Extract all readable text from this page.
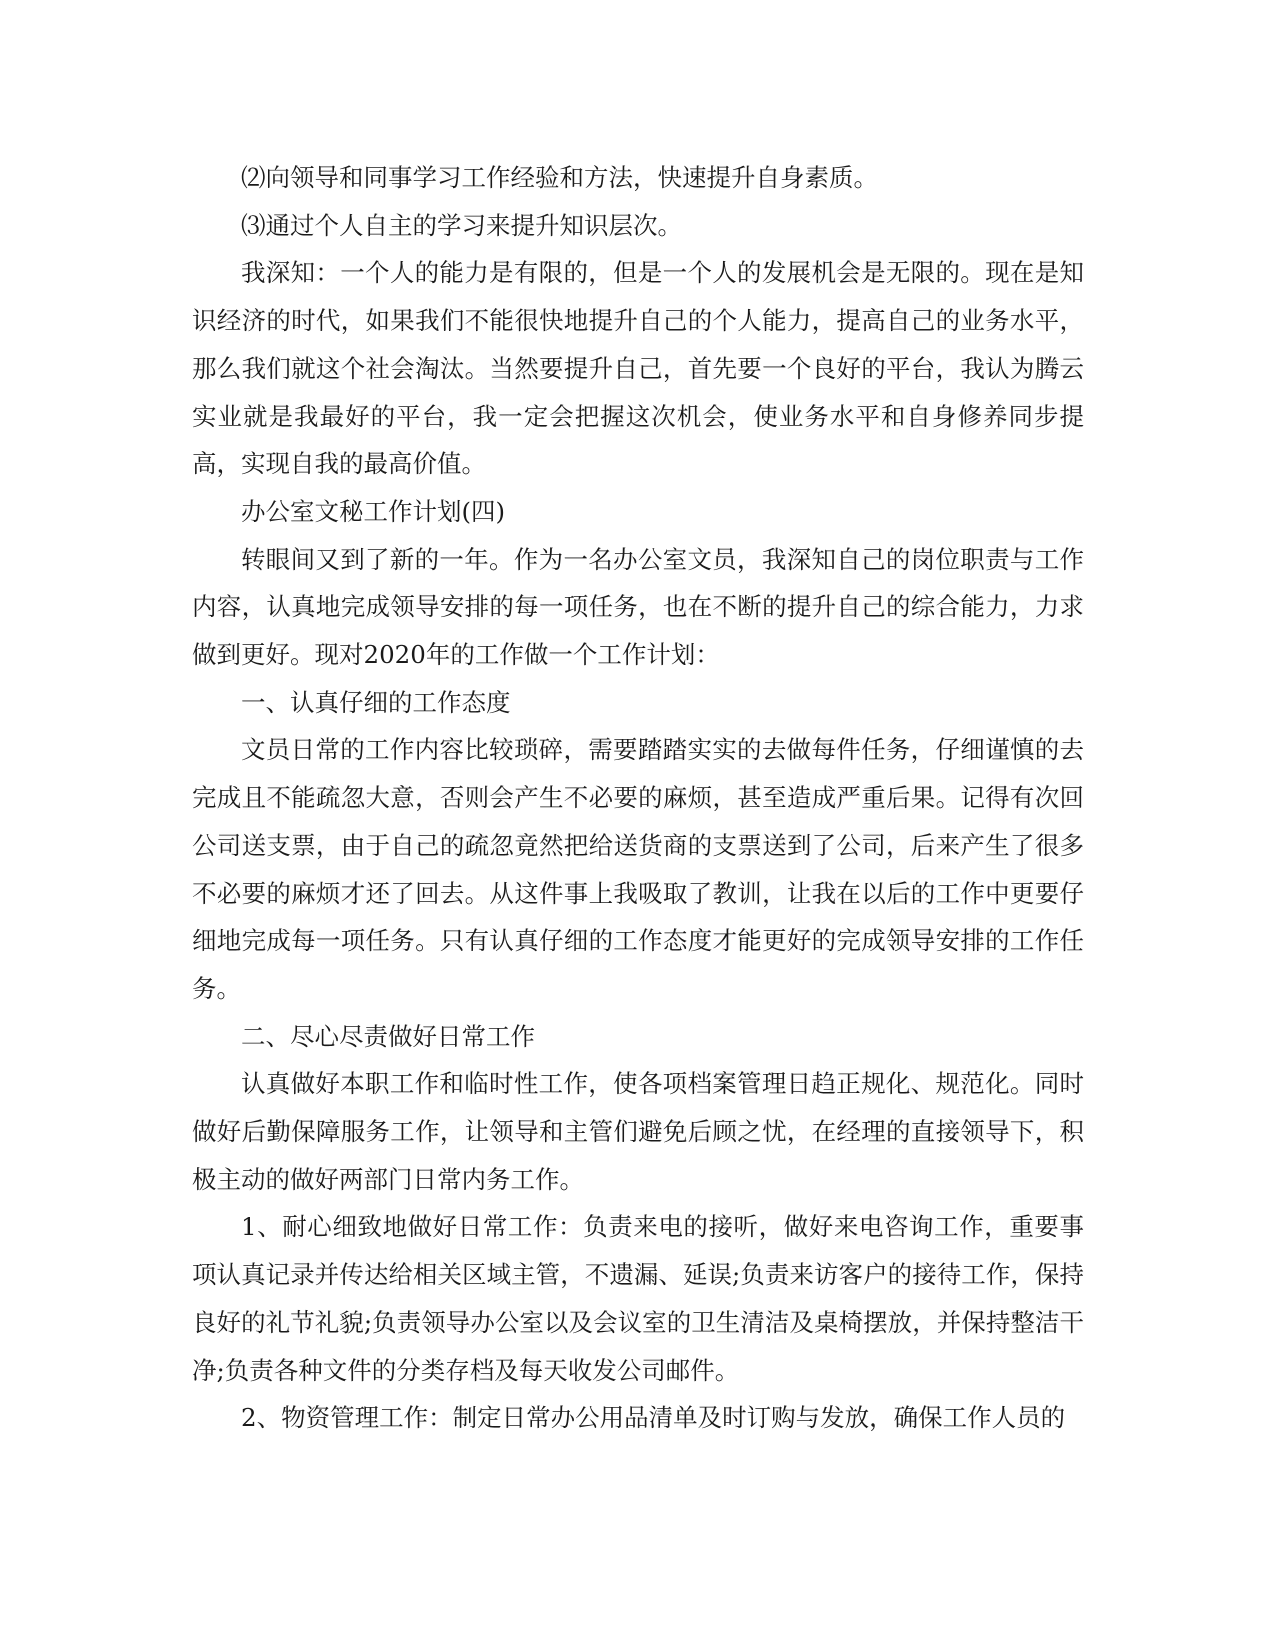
⑵向领导和同事学习工作经验和方法，快速提升自身素质。

⑶通过个人自主的学习来提升知识层次。

我深知：一个人的能力是有限的，但是一个人的发展机会是无限的。现在是知识经济的时代，如果我们不能很快地提升自己的个人能力，提高自己的业务水平，那么我们就这个社会淘汰。当然要提升自己，首先要一个良好的平台，我认为腾云实业就是我最好的平台，我一定会把握这次机会，使业务水平和自身修养同步提高，实现自我的最高价值。

办公室文秘工作计划(四)

转眼间又到了新的一年。作为一名办公室文员，我深知自己的岗位职责与工作内容，认真地完成领导安排的每一项任务，也在不断的提升自己的综合能力，力求做到更好。现对2020年的工作做一个工作计划：

一、认真仔细的工作态度

文员日常的工作内容比较琐碎，需要踏踏实实的去做每件任务，仔细谨慎的去完成且不能疏忽大意，否则会产生不必要的麻烦，甚至造成严重后果。记得有次回公司送支票，由于自己的疏忽竟然把给送货商的支票送到了公司，后来产生了很多不必要的麻烦才还了回去。从这件事上我吸取了教训，让我在以后的工作中更要仔细地完成每一项任务。只有认真仔细的工作态度才能更好的完成领导安排的工作任务。

二、尽心尽责做好日常工作

认真做好本职工作和临时性工作，使各项档案管理日趋正规化、规范化。同时做好后勤保障服务工作，让领导和主管们避免后顾之忧，在经理的直接领导下，积极主动的做好两部门日常内务工作。

1、耐心细致地做好日常工作：负责来电的接听，做好来电咨询工作，重要事项认真记录并传达给相关区域主管，不遗漏、延误;负责来访客户的接待工作，保持良好的礼节礼貌;负责领导办公室以及会议室的卫生清洁及桌椅摆放，并保持整洁干净;负责各种文件的分类存档及每天收发公司邮件。

2、物资管理工作：制定日常办公用品清单及时订购与发放，确保工作人员的
